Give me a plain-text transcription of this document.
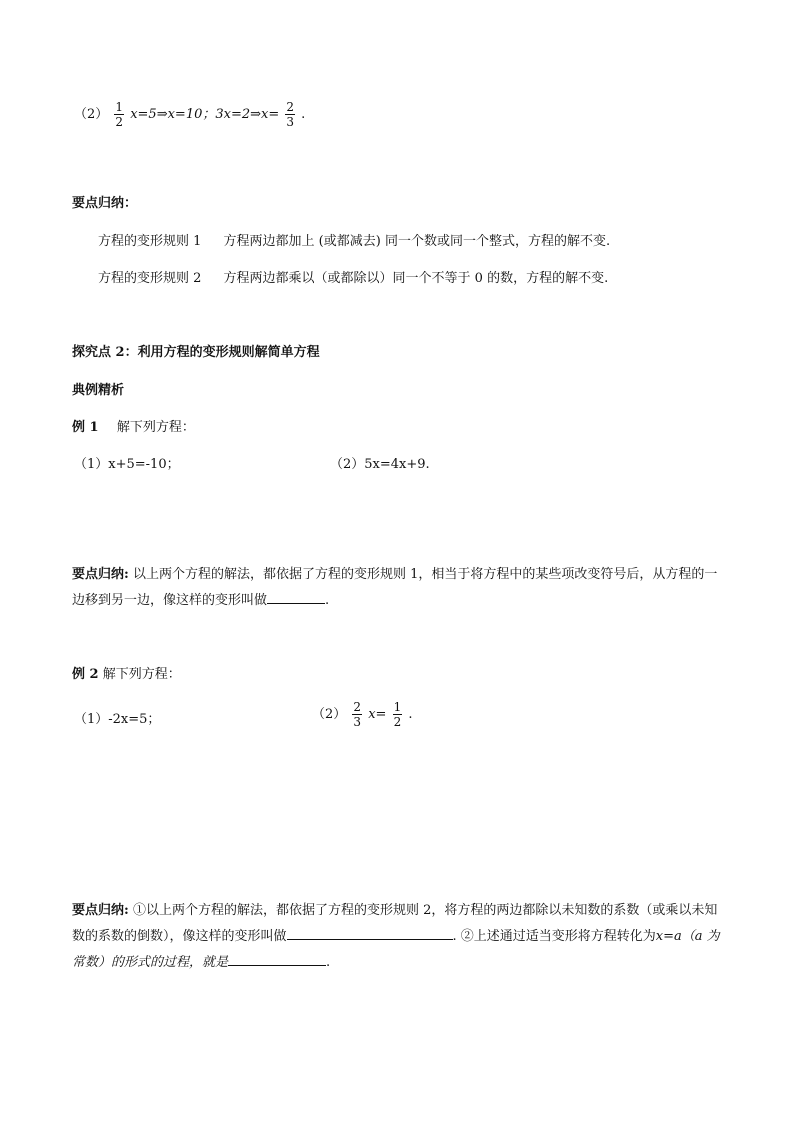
$(2) \frac{1}{2}$ x=5⇒x=10；3x=2⇒x= $\frac{2}{3}$ .
要点归纳：
方程的变形规则 1 方程两边都加上 (或都减去) 同一个数或同一个整式，方程的解不变.
方程的变形规则 2 方程两边都乘以（或都除以）同一个不等于 0 的数，方程的解不变.
探究点 2：利用方程的变形规则解简单方程
典例精析
例 1 解下列方程：
（1）x+5=-10；	（2）5x=4x+9.
要点归纳: 以上两个方程的解法，都依据了方程的变形规则 1，相当于将方程中的某些项改变符号后，从方程的一边移到另一边，像这样的变形叫做	.
例 2 解下列方程：
（1）-2x=5；	$(2) \frac{2}{3} x= \frac{1}{2}$ .
要点归纳: ①以上两个方程的解法，都依据了方程的变形规则 2，将方程的两边都除以未知数的系数（或乘以未知数的系数的倒数），像这样的变形叫做	. ②上述通过适当变形将方程转化为x=a（a 为常数）的形式的过程，就是	.
